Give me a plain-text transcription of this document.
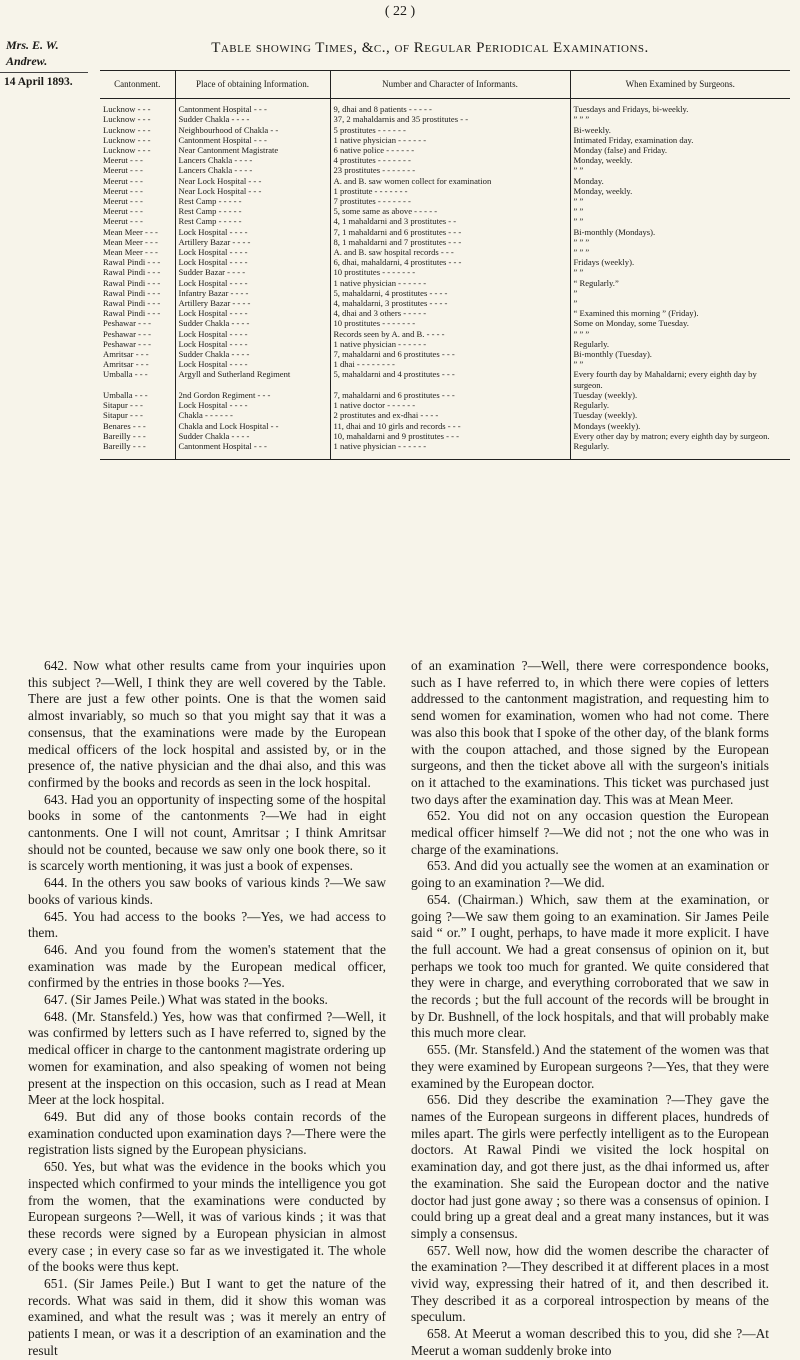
( 22 )
Mrs. E. W.
Andrew.
14 April 1893.
Table showing Times, &c., of Regular Periodical Examinations.
Cantonment.	Place of obtaining Information.	Number and Character of Informants.	When Examined by Surgeons.
Lucknow - - -	Cantonment Hospital - - -	9, dhai and 8 patients - - - - -	Tuesdays and Fridays, bi-weekly.
Lucknow - - -	Sudder Chakla - - - -	37, 2 mahaldarnis and 35 prostitutes - -	” ” ”
Lucknow - - -	Neighbourhood of Chakla - -	5 prostitutes - - - - - -	Bi-weekly.
Lucknow - - -	Cantonment Hospital - - -	1 native physician - - - - - -	Intimated Friday, examination day.
Lucknow - - -	Near Cantonment Magistrate	6 native police - - - - - -	Monday (false) and Friday.
Meerut - - -	Lancers Chakla - - - -	4 prostitutes - - - - - - -	Monday, weekly.
Meerut - - -	Lancers Chakla - - - -	23 prostitutes - - - - - - -	” ”
Meerut - - -	Near Lock Hospital - - -	A. and B. saw women collect for examination	Monday.
Meerut - - -	Near Lock Hospital - - -	1 prostitute - - - - - - -	Monday, weekly.
Meerut - - -	Rest Camp - - - - -	7 prostitutes - - - - - - -	” ”
Meerut - - -	Rest Camp - - - - -	5, some same as above - - - - -	” ”
Meerut - - -	Rest Camp - - - - -	4, 1 mahaldarni and 3 prostitutes - -	” ”
Mean Meer - - -	Lock Hospital - - - -	7, 1 mahaldarni and 6 prostitutes - - -	Bi-monthly (Mondays).
Mean Meer - - -	Artillery Bazar - - - -	8, 1 mahaldarni and 7 prostitutes - - -	” ” ”
Mean Meer - - -	Lock Hospital - - - -	A. and B. saw hospital records - - -	” ” ”
Rawal Pindi - - -	Lock Hospital - - - -	6, dhai, mahaldarni, 4 prostitutes - - -	Fridays (weekly).
Rawal Pindi - - -	Sudder Bazar - - - -	10 prostitutes - - - - - - -	” ”
Rawal Pindi - - -	Lock Hospital - - - -	1 native physician - - - - - -	“ Regularly.”
Rawal Pindi - - -	Infantry Bazar - - - -	5, mahaldarni, 4 prostitutes - - - -	”
Rawal Pindi - - -	Artillery Bazar - - - -	4, mahaldarni, 3 prostitutes - - - -	”
Rawal Pindi - - -	Lock Hospital - - - -	4, dhai and 3 others - - - - -	“ Examined this morning ” (Friday).
Peshawar - - -	Sudder Chakla - - - -	10 prostitutes - - - - - - -	Some on Monday, some Tuesday.
Peshawar - - -	Lock Hospital - - - -	Records seen by A. and B. - - - -	” ” ”
Peshawar - - -	Lock Hospital - - - -	1 native physician - - - - - -	Regularly.
Amritsar - - -	Sudder Chakla - - - -	7, mahaldarni and 6 prostitutes - - -	Bi-monthly (Tuesday).
Amritsar - - -	Lock Hospital - - - -	1 dhai - - - - - - - -	” ”
Umballa - - -	Argyll and Sutherland Regiment	5, mahaldarni and 4 prostitutes - - -	Every fourth day by Mahaldarni; every eighth day by surgeon.
Umballa - - -	2nd Gordon Regiment - - -	7, mahaldarni and 6 prostitutes - - -	Tuesday (weekly).
Sitapur - - -	Lock Hospital - - - -	1 native doctor - - - - - -	Regularly.
Sitapur - - -	Chakla - - - - - -	2 prostitutes and ex-dhai - - - -	Tuesday (weekly).
Benares - - -	Chakla and Lock Hospital - -	11, dhai and 10 girls and records - - -	Mondays (weekly).
Bareilly - - -	Sudder Chakla - - - -	10, mahaldarni and 9 prostitutes - - -	Every other day by matron; every eighth day by surgeon.
Bareilly - - -	Cantonment Hospital - - -	1 native physician - - - - - -	Regularly.

642. Now what other results came from your inquiries upon this subject ?—Well, I think they are well covered by the Table. There are just a few other points. One is that the women said almost invariably, so much so that you might say that it was a consensus, that the examinations were made by the European medical officers of the lock hospital and assisted by, or in the presence of, the native physician and the dhai also, and this was confirmed by the books and records as seen in the lock hospital.

643. Had you an opportunity of inspecting some of the hospital books in some of the cantonments ?—We had in eight cantonments. One I will not count, Amritsar ; I think Amritsar should not be counted, because we saw only one book there, so it is scarcely worth mentioning, it was just a book of expenses.

644. In the others you saw books of various kinds ?—We saw books of various kinds.

645. You had access to the books ?—Yes, we had access to them.

646. And you found from the women's statement that the examination was made by the European medical officer, confirmed by the entries in those books ?—Yes.

647. (Sir James Peile.) What was stated in the books.

648. (Mr. Stansfeld.) Yes, how was that confirmed ?—Well, it was confirmed by letters such as I have referred to, signed by the medical officer in charge to the cantonment magistrate ordering up women for examination, and also speaking of women not being present at the inspection on this occasion, such as I read at Mean Meer at the lock hospital.

649. But did any of those books contain records of the examination conducted upon examination days ?—There were the registration lists signed by the European physicians.

650. Yes, but what was the evidence in the books which you inspected which confirmed to your minds the intelligence you got from the women, that the examinations were conducted by European surgeons ?—Well, it was of various kinds ; it was that these records were signed by a European physician in almost every case ; in every case so far as we investigated it. The whole of the books were thus kept.

651. (Sir James Peile.) But I want to get the nature of the records. What was said in them, did it show this woman was examined, and what the result was ; was it merely an entry of patients I mean, or was it a description of an examination and the result

of an examination ?—Well, there were correspondence books, such as I have referred to, in which there were copies of letters addressed to the cantonment magistration, and requesting him to send women for examination, women who had not come. There was also this book that I spoke of the other day, of the blank forms with the coupon attached, and those signed by the European surgeons, and then the ticket above all with the surgeon's initials on it attached to the examinations. This ticket was purchased just two days after the examination day. This was at Mean Meer.

652. You did not on any occasion question the European medical officer himself ?—We did not ; not the one who was in charge of the examinations.

653. And did you actually see the women at an examination or going to an examination ?—We did.

654. (Chairman.) Which, saw them at the examination, or going ?—We saw them going to an examination. Sir James Peile said “ or.” I ought, perhaps, to have made it more explicit. I have the full account. We had a great consensus of opinion on it, but perhaps we took too much for granted. We quite considered that they were in charge, and everything corroborated that we saw in the records ; but the full account of the records will be brought in by Dr. Bushnell, of the lock hospitals, and that will probably make this much more clear.

655. (Mr. Stansfeld.) And the statement of the women was that they were examined by European surgeons ?—Yes, that they were examined by the European doctor.

656. Did they describe the examination ?—They gave the names of the European surgeons in different places, hundreds of miles apart. The girls were perfectly intelligent as to the European doctors. At Rawal Pindi we visited the lock hospital on examination day, and got there just, as the dhai informed us, after the examination. She said the European doctor and the native doctor had just gone away ; so there was a consensus of opinion. I could bring up a great deal and a great many instances, but it was simply a consensus.

657. Well now, how did the women describe the character of the examination ?—They described it at different places in a most vivid way, expressing their hatred of it, and then described it. They described it as a corporeal introspection by means of the speculum.

658. At Meerut a woman described this to you, did she ?—At Meerut a woman suddenly broke into
